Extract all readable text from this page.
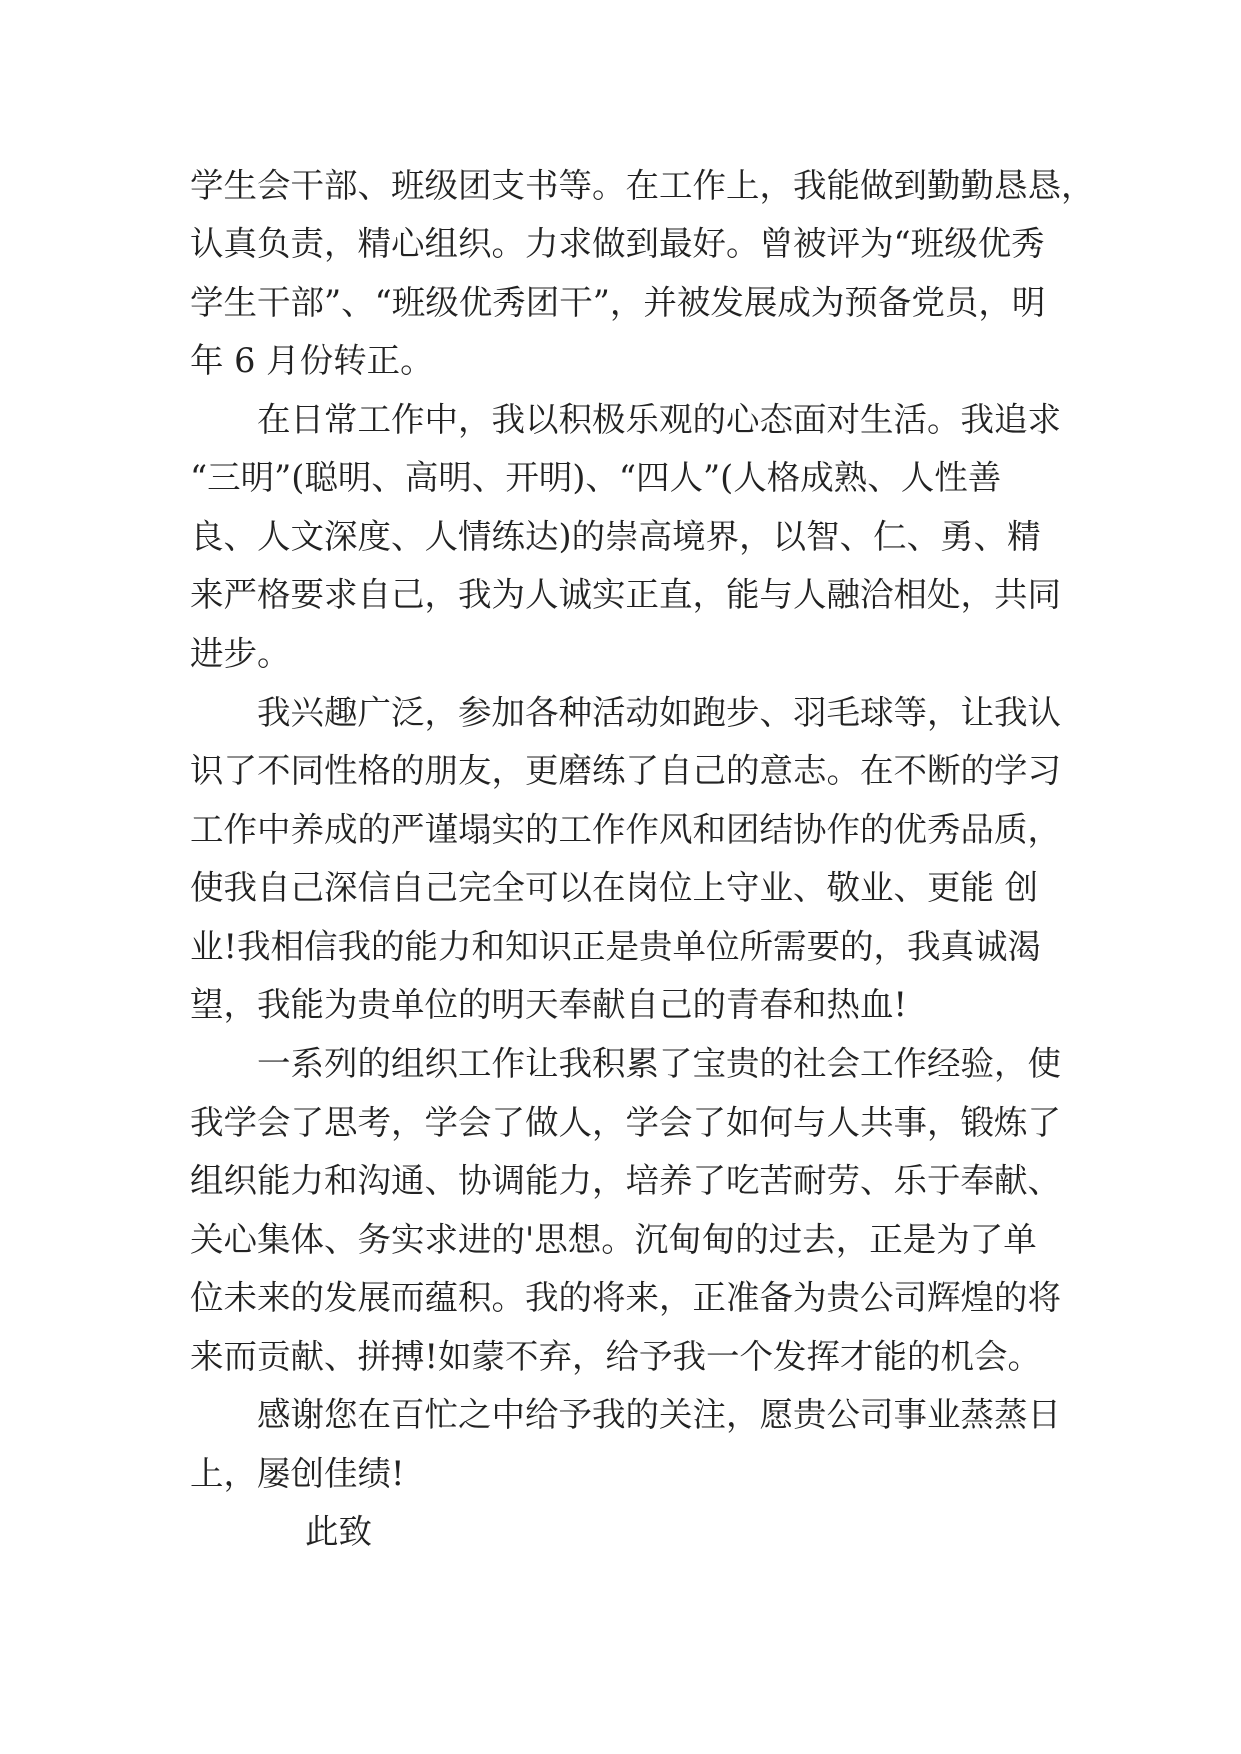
学生会干部、班级团支书等。在工作上，我能做到勤勤恳恳，
认真负责，精心组织。力求做到最好。曾被评为“班级优秀
学生干部”、“班级优秀团干”，并被发展成为预备党员，明
年 6 月份转正。
在日常工作中，我以积极乐观的心态面对生活。我追求
“三明”(聪明、高明、开明)、“四人”(人格成熟、人性善
良、人文深度、人情练达)的崇高境界，以智、仁、勇、精
来严格要求自己，我为人诚实正直，能与人融洽相处，共同
进步。
我兴趣广泛，参加各种活动如跑步、羽毛球等，让我认
识了不同性格的朋友，更磨练了自己的意志。在不断的学习
工作中养成的严谨塌实的工作作风和团结协作的优秀品质，
使我自己深信自己完全可以在岗位上守业、敬业、更能 创
业!我相信我的能力和知识正是贵单位所需要的，我真诚渴
望，我能为贵单位的明天奉献自己的青春和热血!
一系列的组织工作让我积累了宝贵的社会工作经验，使
我学会了思考，学会了做人，学会了如何与人共事，锻炼了
组织能力和沟通、协调能力，培养了吃苦耐劳、乐于奉献、
关心集体、务实求进的'思想。沉甸甸的过去，正是为了单
位未来的发展而蕴积。我的将来，正准备为贵公司辉煌的将
来而贡献、拼搏!如蒙不弃，给予我一个发挥才能的机会。
感谢您在百忙之中给予我的关注，愿贵公司事业蒸蒸日
上，屡创佳绩!
此致
